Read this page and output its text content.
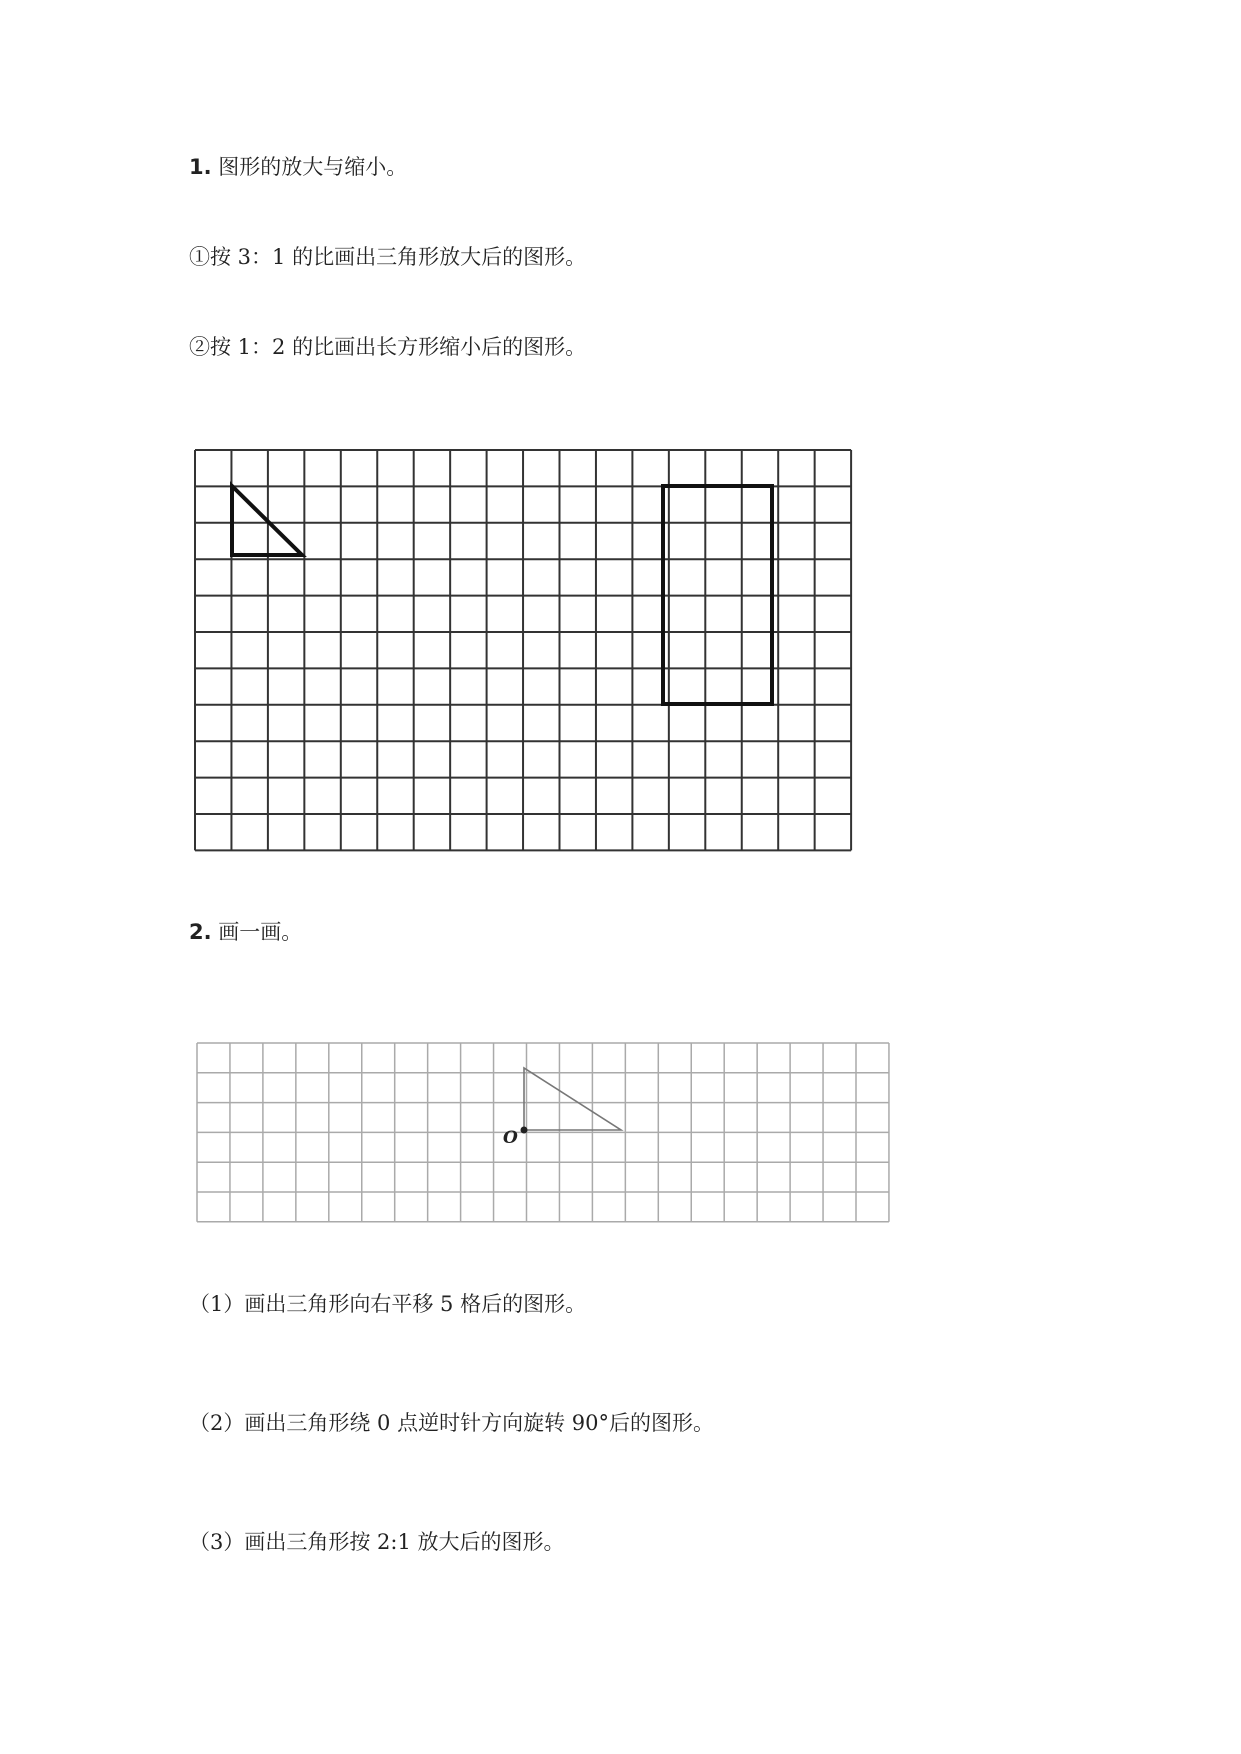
1. 图形的放大与缩小。
①按 3：1 的比画出三角形放大后的图形。
②按 1：2 的比画出长方形缩小后的图形。
2. 画一画。
O
（1）画出三角形向右平移 5 格后的图形。
（2）画出三角形绕 0 点逆时针方向旋转 90°后的图形。
（3）画出三角形按 2:1 放大后的图形。
